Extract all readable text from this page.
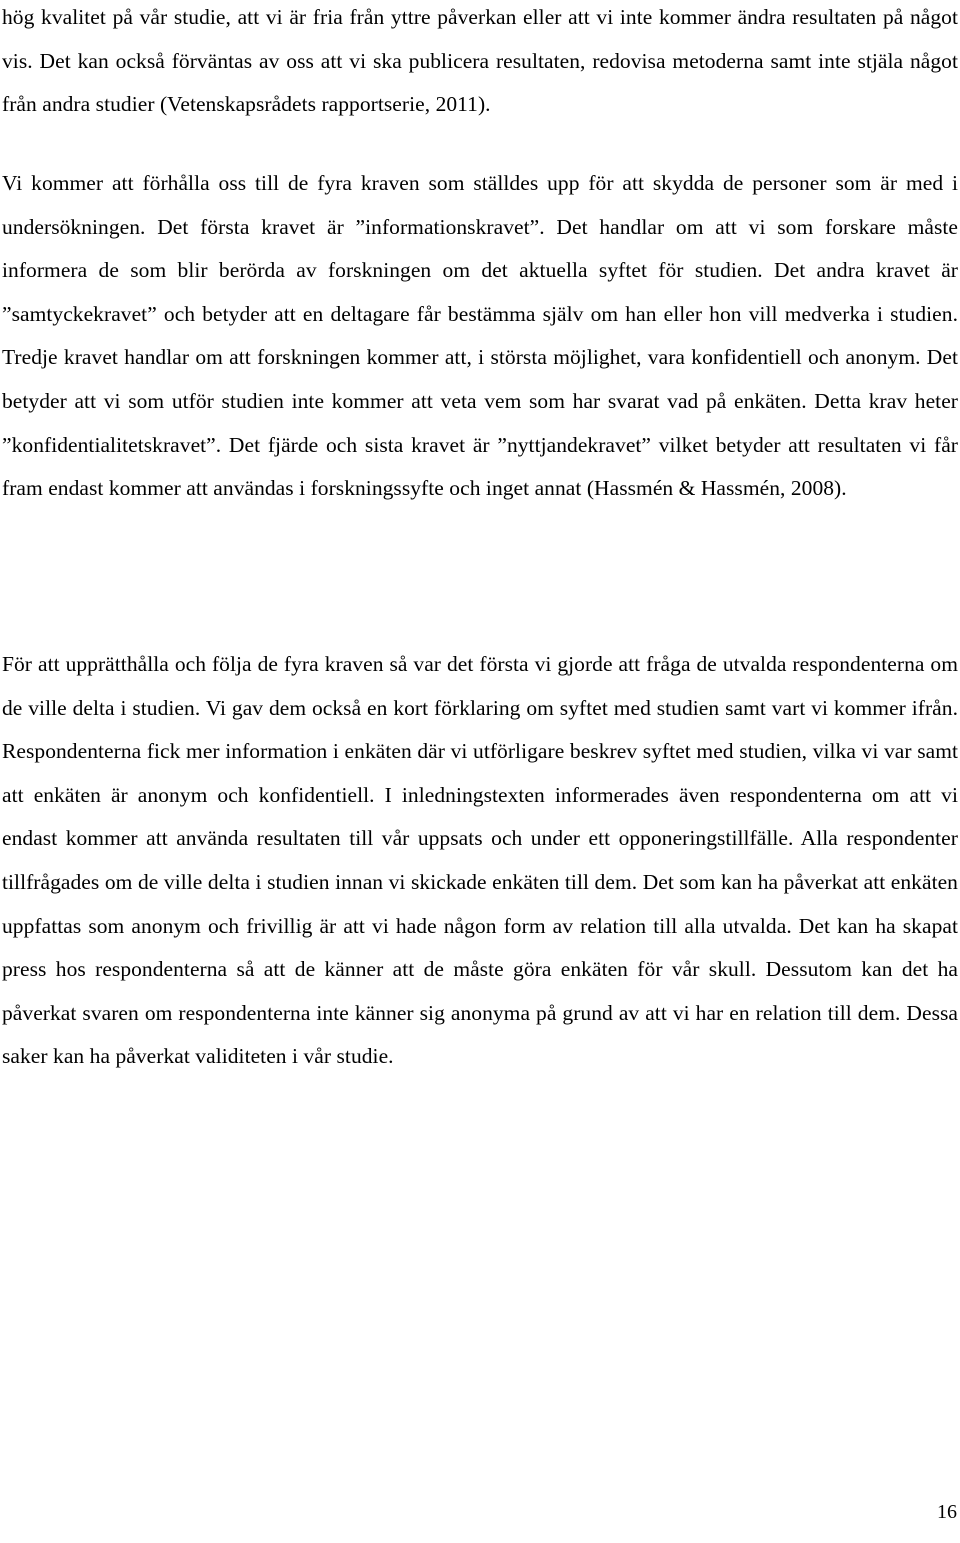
hög kvalitet på vår studie, att vi är fria från yttre påverkan eller att vi inte kommer ändra resultaten på något vis. Det kan också förväntas av oss att vi ska publicera resultaten, redovisa metoderna samt inte stjäla något från andra studier (Vetenskapsrådets rapportserie, 2011).

Vi kommer att förhålla oss till de fyra kraven som ställdes upp för att skydda de personer som är med i undersökningen. Det första kravet är ”informationskravet”. Det handlar om att vi som forskare måste informera de som blir berörda av forskningen om det aktuella syftet för studien. Det andra kravet är ”samtyckekravet” och betyder att en deltagare får bestämma själv om han eller hon vill medverka i studien. Tredje kravet handlar om att forskningen kommer att, i största möjlighet, vara konfidentiell och anonym. Det betyder att vi som utför studien inte kommer att veta vem som har svarat vad på enkäten. Detta krav heter ”konfidentialitetskravet”. Det fjärde och sista kravet är ”nyttjandekravet” vilket betyder att resultaten vi får fram endast kommer att användas i forskningssyfte och inget annat (Hassmén & Hassmén, 2008).

För att upprätthålla och följa de fyra kraven så var det första vi gjorde att fråga de utvalda respondenterna om de ville delta i studien. Vi gav dem också en kort förklaring om syftet med studien samt vart vi kommer ifrån. Respondenterna fick mer information i enkäten där vi utförligare beskrev syftet med studien, vilka vi var samt att enkäten är anonym och konfidentiell. I inledningstexten informerades även respondenterna om att vi endast kommer att använda resultaten till vår uppsats och under ett opponeringstillfälle. Alla respondenter tillfrågades om de ville delta i studien innan vi skickade enkäten till dem. Det som kan ha påverkat att enkäten uppfattas som anonym och frivillig är att vi hade någon form av relation till alla utvalda. Det kan ha skapat press hos respondenterna så att de känner att de måste göra enkäten för vår skull. Dessutom kan det ha påverkat svaren om respondenterna inte känner sig anonyma på grund av att vi har en relation till dem. Dessa saker kan ha påverkat validiteten i vår studie.

16
